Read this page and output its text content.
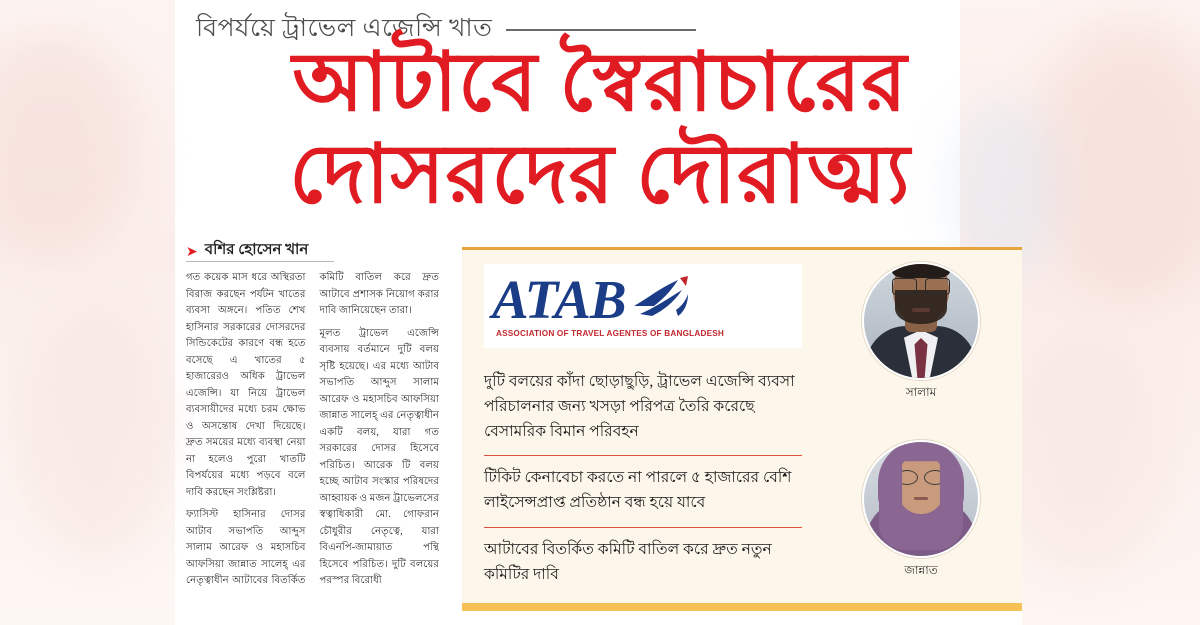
বিপর্যয়ে ট্রাভেল এজেন্সি খাত
আটাবে স্বৈরাচারের
দোসরদের দৌরাত্ম্য
➤ বশির হোসেন খান

গত কয়েক মাস ধরে অস্থিরতা বিরাজ করছেন পর্যটন খাতের ব্যবসা অঙ্গনে। পতিত শেখ হাসিনার সরকারের দোসরদের সিন্ডিকেটের কারণে বন্ধ হতে বসেছে এ খাতের ৫ হাজারেরও অধিক ট্রাভেল এজেন্সি। যা নিয়ে ট্রাভেল ব্যবসায়ীদের মধ্যে চরম ক্ষোভ ও অসন্তোষ দেখা দিয়েছে। দ্রুত সময়ের মধ্যে ব্যবস্থা নেয়া না হলেও পুরো খাতটি বিপর্যয়ের মধ্যে পড়বে বলে দাবি করছেন সংশ্লিষ্টরা।

ফ্যাসিস্ট হাসিনার দোসর আটাব সভাপতি আব্দুস সালাম আরেফ ও মহাসচিব আফসিয়া জান্নাত সালেহ্‌ এর নেতৃত্বাধীন আটাবের বিতর্কিত কমিটি বাতিল করে দ্রুত আটাবে প্রশাসক নিয়োগ করার দাবি জানিয়েছেন তারা।

মূলত ট্রাভেল এজেন্সি ব্যবসায় বর্তমানে দুটি বলয় সৃষ্টি হয়েছে। এর মধ্যে আটাব সভাপতি আব্দুস সালাম আরেফ ও মহাসচিব আফসিয়া জান্নাত সালেহ্‌ এর নেতৃত্বাধীন একটি বলয়, যারা গত সরকারের দোসর হিসেবে পরিচিত। আরেক টি বলয় হচ্ছে আটাব সংস্কার পরিষদের আহ্বায়ক ও মজন ট্রাভেলসের স্বত্বাধিকারী মো. গোফরান চৌধুরীর নেতৃত্বে, যারা বিএনপি-জামায়াত পন্থি হিসেবে পরিচিত। দুটি বলয়ের পরস্পর বিরোধী

ATAB
ASSOCIATION OF TRAVEL AGENTES OF BANGLADESH
দুটি বলয়ের কাঁদা ছোড়াছুড়ি, ট্রাভেল এজেন্সি ব্যবসা পরিচালনার জন্য খসড়া পরিপত্র তৈরি করেছে বেসামরিক বিমান পরিবহন
টিকিট কেনাবেচা করতে না পারলে ৫ হাজারের বেশি লাইসেন্সপ্রাপ্ত প্রতিষ্ঠান বন্ধ হয়ে যাবে
আটাবের বিতর্কিত কমিটি বাতিল করে দ্রুত নতুন কমিটির দাবি
সালাম
জান্নাত
